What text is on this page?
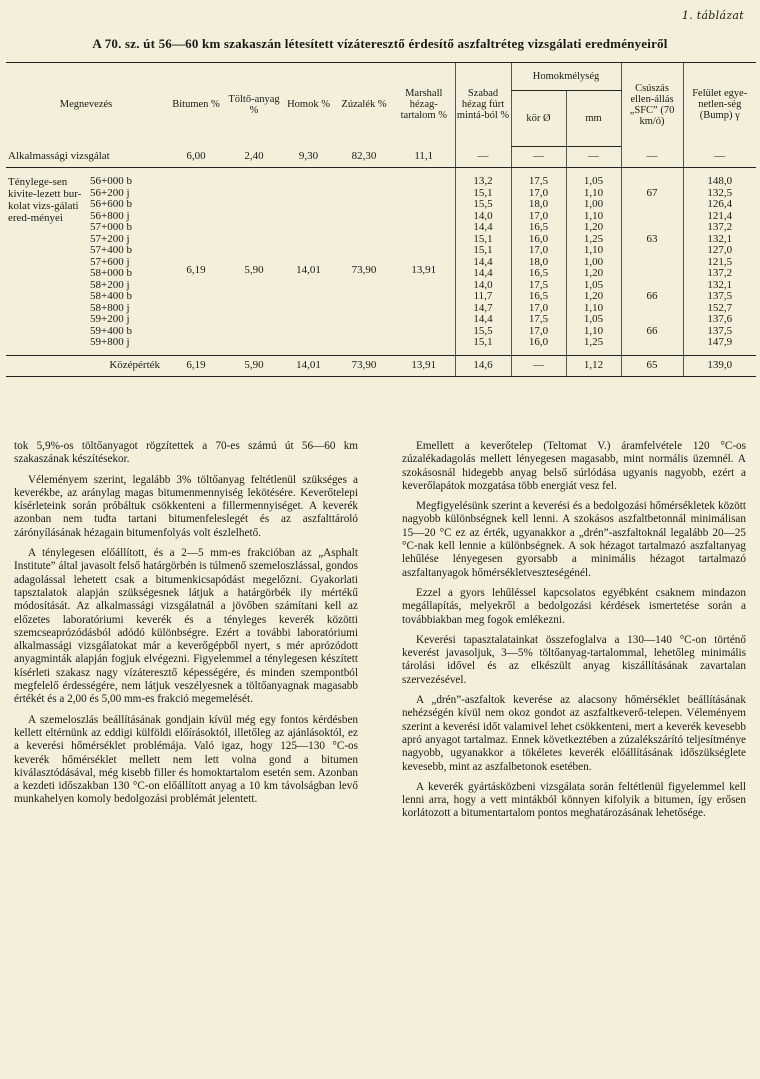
1. táblázat
A 70. sz. út 56—60 km szakaszán létesített vízáteresztő érdesítő aszfaltréteg vizsgálati eredményeiről
Megnevezés		Bitumen %	Töltő-anyag %	Homok %	Zúzalék %	Marshall hézag-tartalom %	Szabad hézag fúrt mintá-ból %	Homokmélység		Csúszás ellen-állás „SFC” (70 km/ó)	Felület egye-netlen-ség (Bump) γ
								kör Ø	mm		
Alkalmassági vizsgálat		6,00	2,40	9,30	82,30	11,1	—	—	—	—	—
Ténylege-sen kivite-lezett bur-kolat vizs-gálati ered-ményei	56+000 b	6,19	5,90	14,01	73,90	13,91	13,2	17,5	1,05		148,0
	56+200 j						15,1	17,0	1,10	67	132,5
	56+600 b						15,5	18,0	1,00		126,4
	56+800 j						14,0	17,0	1,10		121,4
	57+000 b						14,4	16,5	1,20		137,2
	57+200 j						15,1	16,0	1,25	63	132,1
	57+400 b						15,1	17,0	1,10		127,0
	57+600 j						14,4	18,0	1,00		121,5
	58+000 b						14,4	16,5	1,20		137,2
	58+200 j						14,0	17,5	1,05		132,1
	58+400 b						11,7	16,5	1,20	66	137,5
	58+800 j						14,7	17,0	1,10		152,7
	59+200 j						14,4	17,5	1,05		137,6
	59+400 b						15,5	17,0	1,10	66	137,5
	59+800 j						15,1	16,0	1,25		147,9
Középérték		6,19	5,90	14,01	73,90	13,91	14,6	—	1,12	65	139,0

tok 5,9%-os töltőanyagot rögzítettek a 70-es számú út 56—60 km szakaszának készítésekor.

Véleményem szerint, legalább 3% töltőanyag feltétlenül szükséges a keverékbe, az aránylag magas bitumenmennyiség lekötésére. Keverőtelepi kísérleteink során próbáltuk csökkenteni a fillermennyiséget. A keverék azonban nem tudta tartani bitumenfeleslegét és az aszfalttároló zárónyílásának hézagain bitumenfolyás volt észlelhető.

A ténylegesen előállított, és a 2—5 mm-es frakcióban az „Asphalt Institute” által javasolt felső határgörbén is túlmenő szemeloszlással, gondos adagolással lehetett csak a bitumenkicsapódást megelőzni. Gyakorlati tapsztalatok alapján szükségesnek látjuk a határgörbék ily mértékű módosítását. Az alkalmassági vizsgálatnál a jövőben számítani kell az előzetes laboratóriumi keverék és a tényleges keverék közötti szemcseaprózódásból adódó különbségre. Ezért a további laboratóriumi alkalmassági vizsgálatokat már a keverőgépből nyert, s mér aprózódott anyagminták alapján fogjuk elvégezni. Figyelemmel a ténylegesen készített kísérleti szakasz nagy vízáteresztő képességére, és minden szempontból megfelelő érdességére, nem látjuk veszélyesnek a töltőanyagnak magasabb értékét és a 2,00 és 5,00 mm-es frakció megemelését.

A szemeloszlás beállításának gondjain kívül még egy fontos kérdésben kellett eltérnünk az eddigi külföldi előírásoktól, illetőleg az ajánlásoktól, ez a keverési hőmérséklet problémája. Való igaz, hogy 125—130 °C-os keverék hőmérséklet mellett nem lett volna gond a bitumen kiválasztódásával, még kisebb filler és homoktartalom esetén sem. Azonban a kezdeti időszakban 130 °C-on előállított anyag a 10 km távolságban levő munkahelyen komoly bedolgozási problémát jelentett.

Emellett a keverőtelep (Teltomat V.) áramfelvétele 120 °C-os zúzalékadagolás mellett lényegesen magasabb, mint normális üzemnél. A szokásosnál hidegebb anyag belső súrlódása ugyanis nagyobb, ezért a keverőlapátok mozgatása több energiát vesz fel.

Megfigyelésünk szerint a keverési és a bedolgozási hőmérsékletek között nagyobb különbségnek kell lenni. A szokásos aszfaltbetonnál minimálisan 15—20 °C ez az érték, ugyanakkor a „drén”-aszfaltoknál legalább 20—25 °C-nak kell lennie a különbségnek. A sok hézagot tartalmazó aszfaltanyag lehűlése lényegesen gyorsabb a minimális hézagot tartalmazó aszfaltanyagok hőmérsékletveszteségénél.

Ezzel a gyors lehűléssel kapcsolatos egyébként csaknem mindazon megállapítás, melyekről a bedolgozási kérdések ismertetése során a továbbiakban meg fogok emlékezni.

Keverési tapasztalatainkat összefoglalva a 130—140 °C-on történő keverést javasoljuk, 3—5% töltőanyag-tartalommal, lehetőleg minimális tárolási idővel és az elkészült anyag kiszállításának zavartalan szervezésével.

A „drén”-aszfaltok keverése az alacsony hőmérséklet beállításának nehézségén kívül nem okoz gondot az aszfaltkeverő-telepen. Véleményem szerint a keverési időt valamivel lehet csökkenteni, mert a keverék kevesebb apró anyagot tartalmaz. Ennek következtében a zúzalékszárító teljesítménye nagyobb, ugyanakkor a tökéletes keverék előállításának időszükséglete kevesebb, mint az aszfalbetonok esetében.

A keverék gyártásközbeni vizsgálata során feltétlenül figyelemmel kell lenni arra, hogy a vett mintákból könnyen kifolyik a bitumen, így erősen korlátozott a bitumentartalom pontos meghatározásának lehetősége.
